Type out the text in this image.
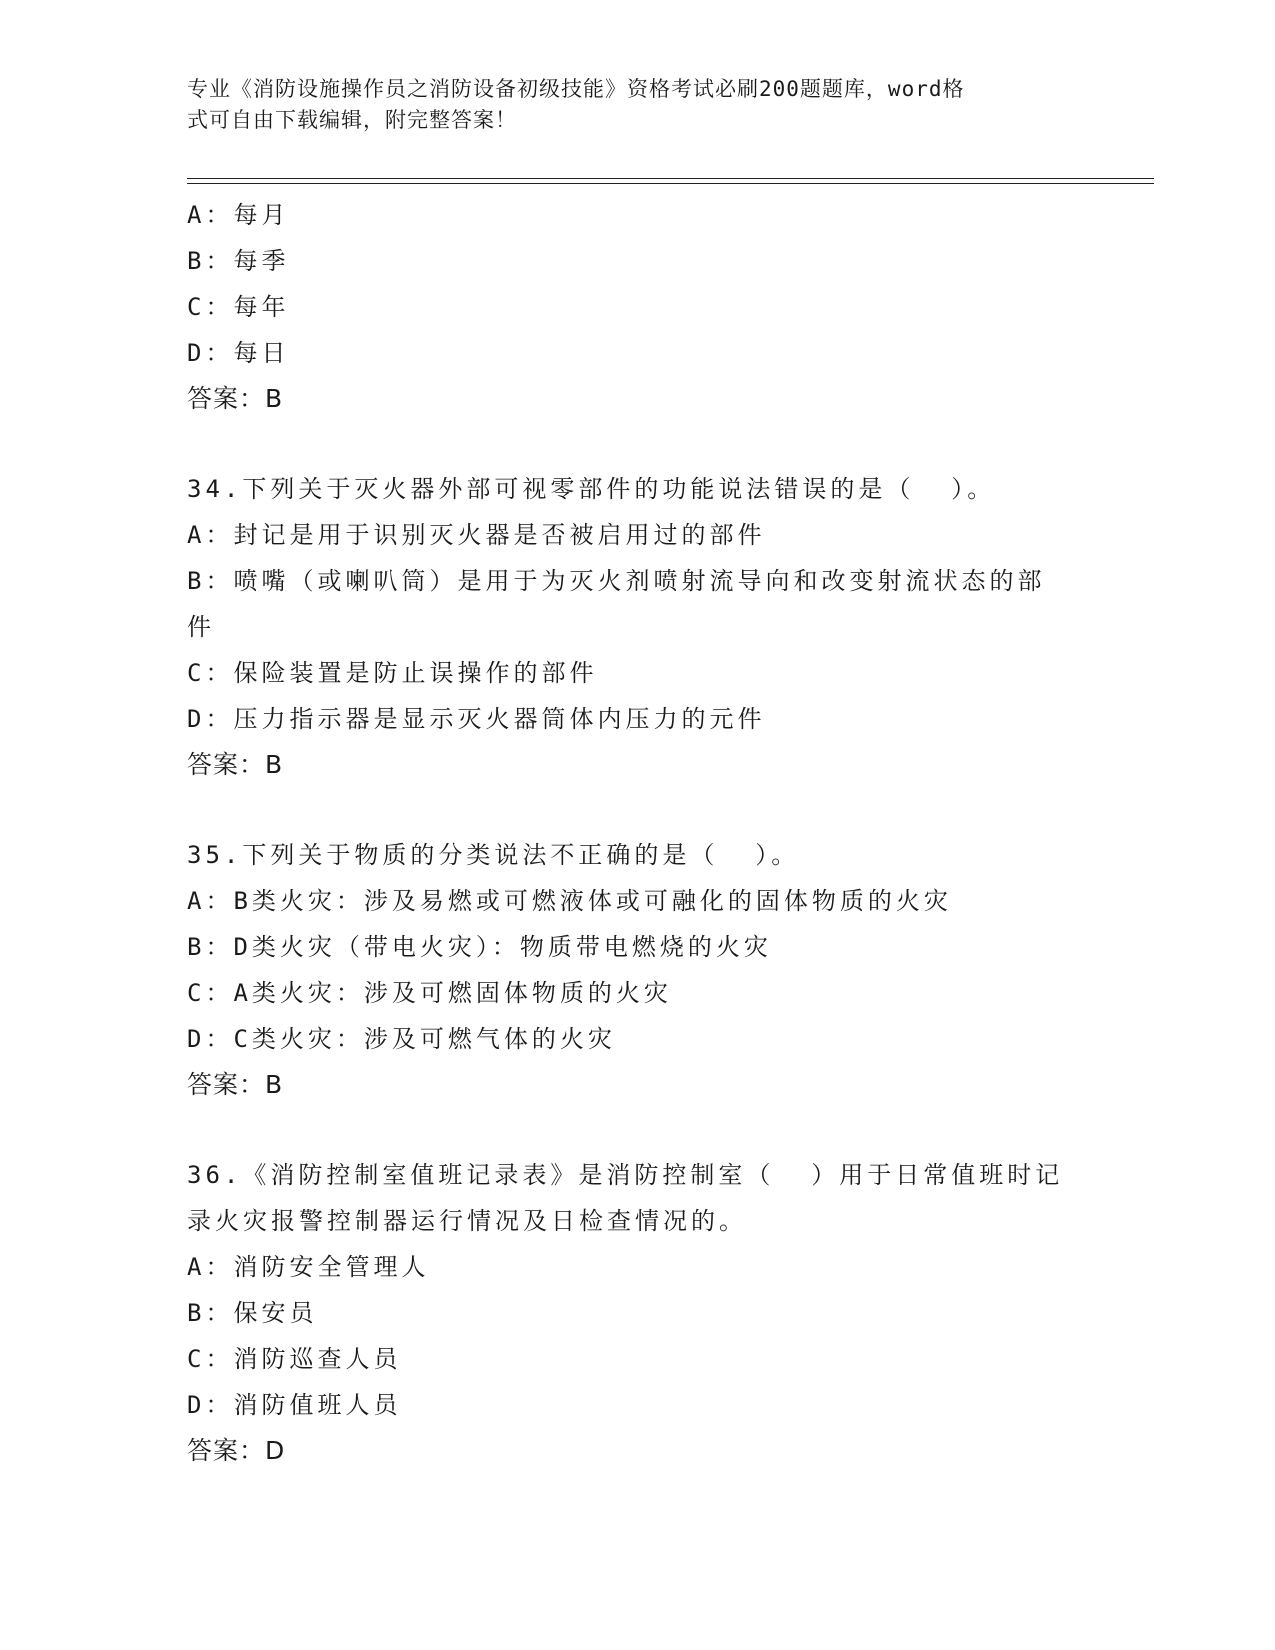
专业《消防设施操作员之消防设备初级技能》资格考试必刷200题题库，word格
式可自由下载编辑，附完整答案！
A：每月
B：每季
C：每年
D：每日
答案：B
34.下列关于灭火器外部可视零部件的功能说法错误的是（  ）。
A：封记是用于识别灭火器是否被启用过的部件
B：喷嘴（或喇叭筒）是用于为灭火剂喷射流导向和改变射流状态的部
件
C：保险装置是防止误操作的部件
D：压力指示器是显示灭火器筒体内压力的元件
答案：B
35.下列关于物质的分类说法不正确的是（  ）。
A：B类火灾：涉及易燃或可燃液体或可融化的固体物质的火灾
B：D类火灾（带电火灾）：物质带电燃烧的火灾
C：A类火灾：涉及可燃固体物质的火灾
D：C类火灾：涉及可燃气体的火灾
答案：B
36.《消防控制室值班记录表》是消防控制室（  ）用于日常值班时记
录火灾报警控制器运行情况及日检查情况的。
A：消防安全管理人
B：保安员
C：消防巡查人员
D：消防值班人员
答案：D
